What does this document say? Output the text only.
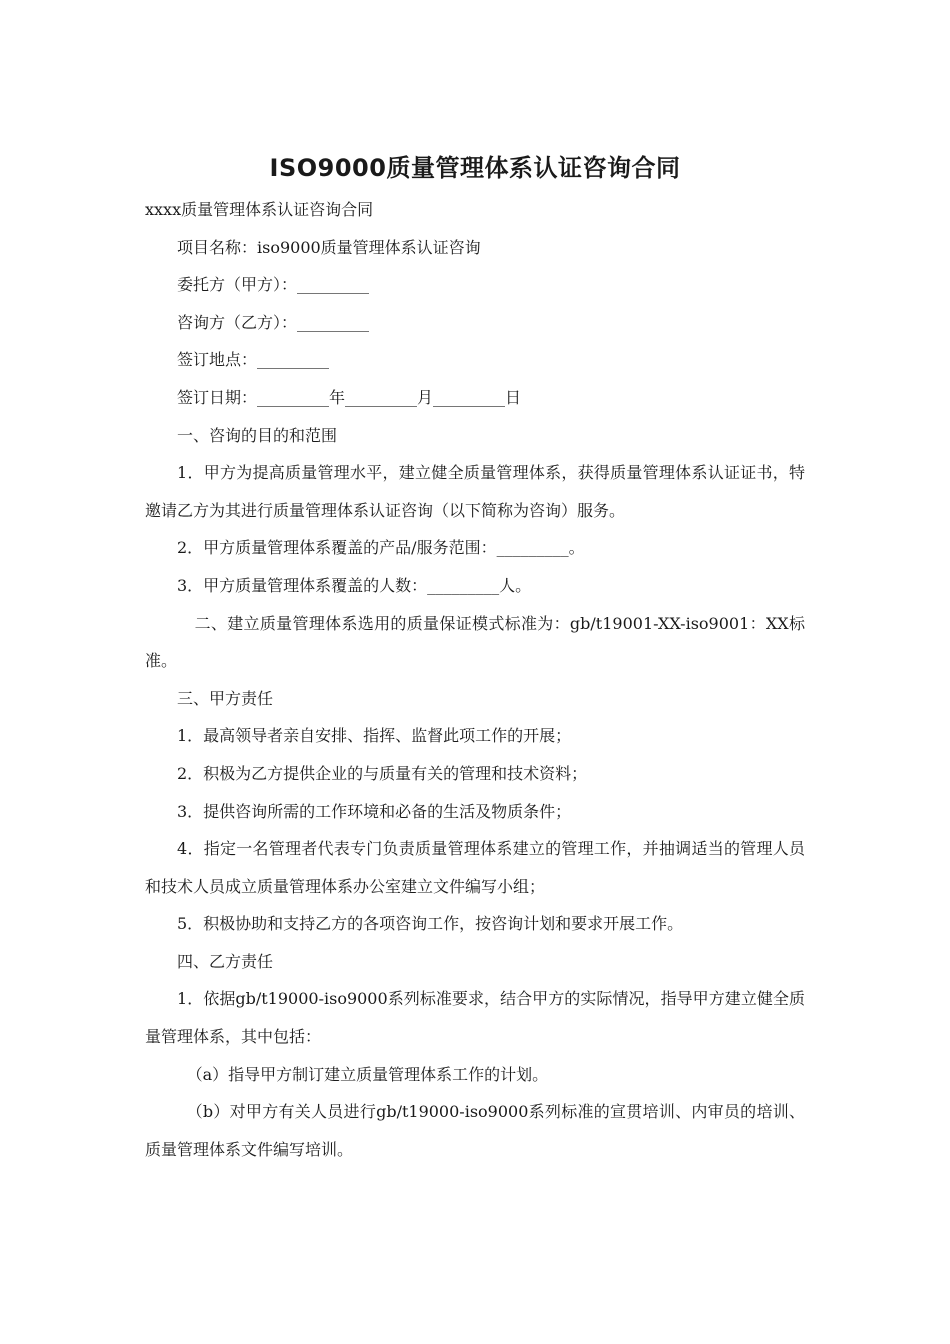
ISO9000质量管理体系认证咨询合同

xxxx质量管理体系认证咨询合同

项目名称：iso9000质量管理体系认证咨询

委托方（甲方）：_________

咨询方（乙方）：_________

签订地点：_________

签订日期：_________年_________月_________日

一、咨询的目的和范围

1．甲方为提高质量管理水平，建立健全质量管理体系，获得质量管理体系认证证书，特邀请乙方为其进行质量管理体系认证咨询（以下简称为咨询）服务。

2．甲方质量管理体系覆盖的产品/服务范围：_________。

3．甲方质量管理体系覆盖的人数：_________人。

二、建立质量管理体系选用的质量保证模式标准为：gb/t19001-XX-iso9001：XX标准。

三、甲方责任

1．最高领导者亲自安排、指挥、监督此项工作的开展；

2．积极为乙方提供企业的与质量有关的管理和技术资料；

3．提供咨询所需的工作环境和必备的生活及物质条件；

4．指定一名管理者代表专门负责质量管理体系建立的管理工作，并抽调适当的管理人员和技术人员成立质量管理体系办公室建立文件编写小组；

5．积极协助和支持乙方的各项咨询工作，按咨询计划和要求开展工作。

四、乙方责任

1．依据gb/t19000-iso9000系列标准要求，结合甲方的实际情况，指导甲方建立健全质量管理体系，其中包括：

（a）指导甲方制订建立质量管理体系工作的计划。

（b）对甲方有关人员进行gb/t19000-iso9000系列标准的宣贯培训、内审员的培训、质量管理体系文件编写培训。
